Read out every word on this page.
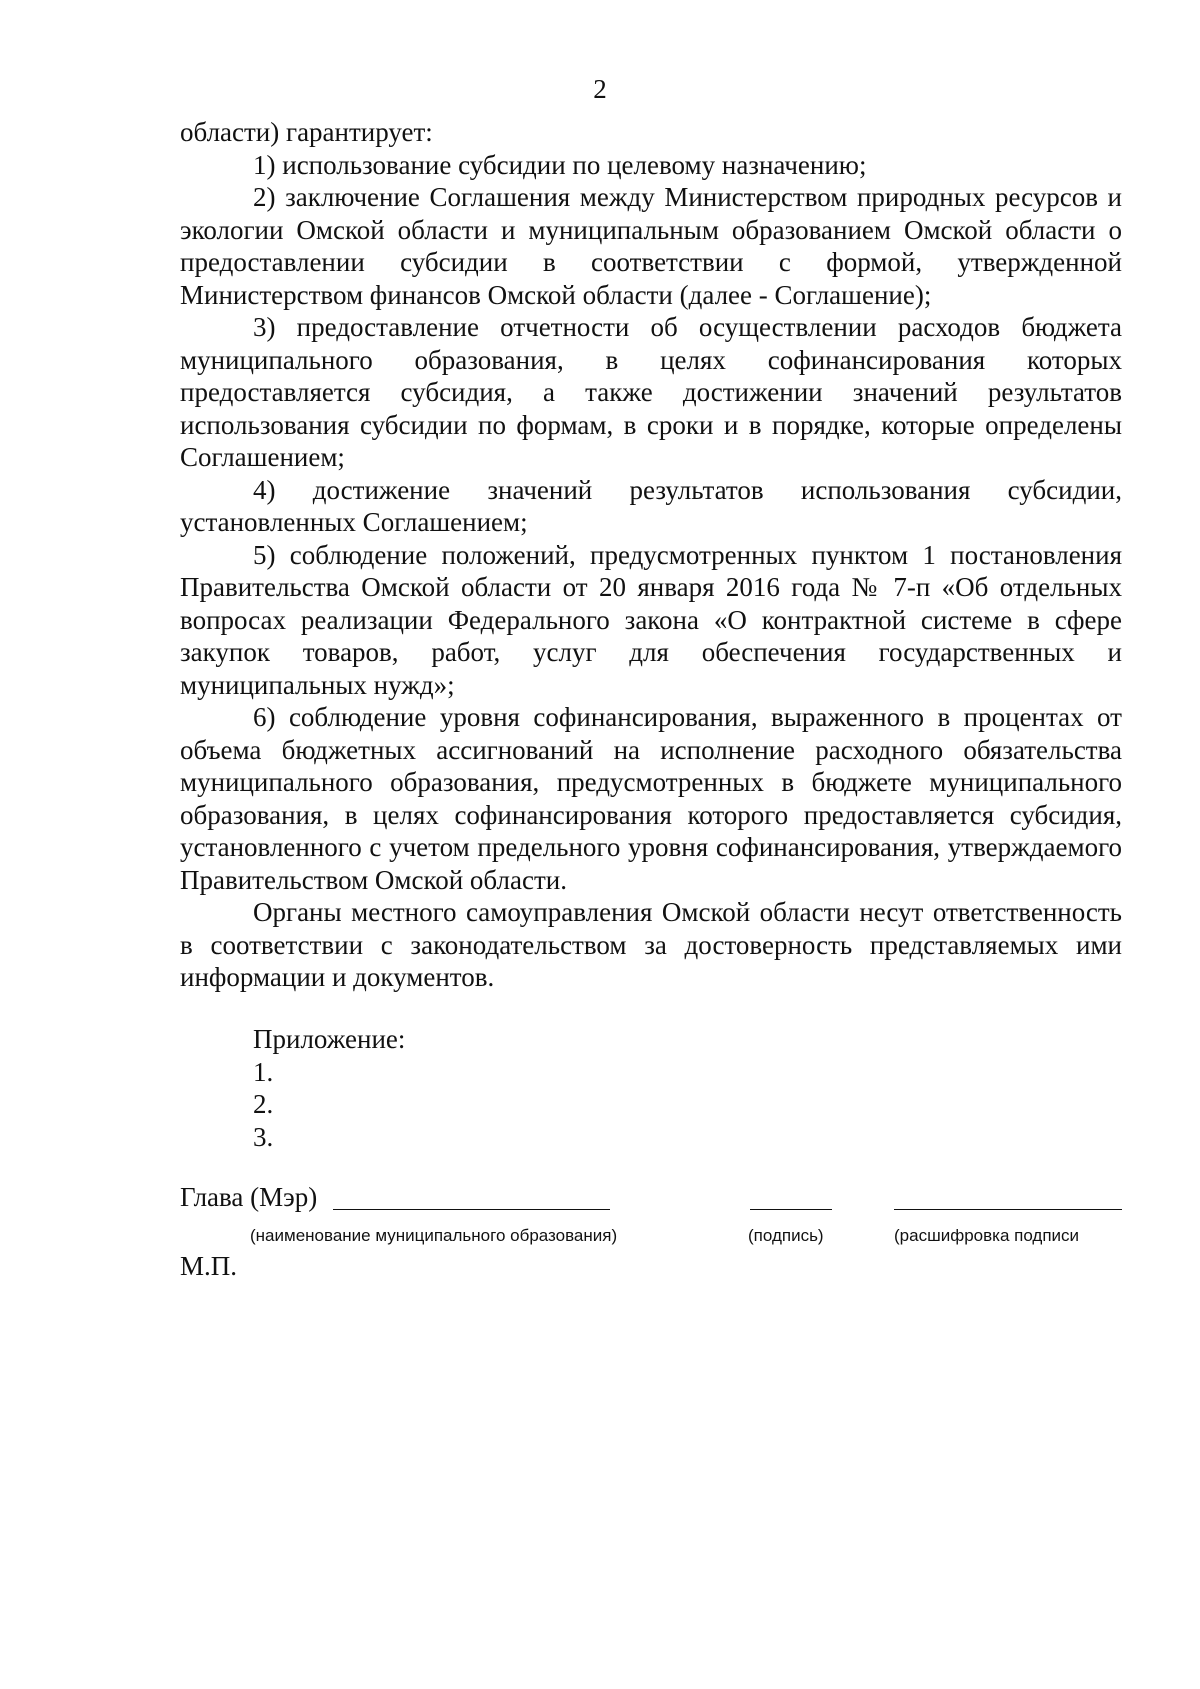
2

области) гарантирует:

1) использование субсидии по целевому назначению;

2) заключение Соглашения между Министерством природных ресурсов и экологии Омской области и муниципальным образованием Омской области о предоставлении субсидии в соответствии с формой, утвержденной Министерством финансов Омской области (далее - Соглашение);

3) предоставление отчетности об осуществлении расходов бюджета муниципального образования, в целях софинансирования которых предоставляется субсидия, а также достижении значений результатов использования субсидии по формам, в сроки и в порядке, которые определены Соглашением;

4) достижение значений результатов использования субсидии, установленных Соглашением;

5) соблюдение положений, предусмотренных пунктом 1 постановления Правительства Омской области от 20 января 2016 года № 7-п «Об отдельных вопросах реализации Федерального закона «О контрактной системе в сфере закупок товаров, работ, услуг для обеспечения государственных и муниципальных нужд»;

6) соблюдение уровня софинансирования, выраженного в процентах от объема бюджетных ассигнований на исполнение расходного обязательства муниципального образования, предусмотренных в бюджете муниципального образования, в целях софинансирования которого предоставляется субсидия, установленного с учетом предельного уровня софинансирования, утверждаемого Правительством Омской области.

Органы местного самоуправления Омской области несут ответственность в соответствии с законодательством за достоверность представляемых ими информации и документов.

Приложение:
1.
2.
3.
Глава (Мэр)
(наименование муниципального образования)	(подпись)	(расшифровка подписи
М.П.
